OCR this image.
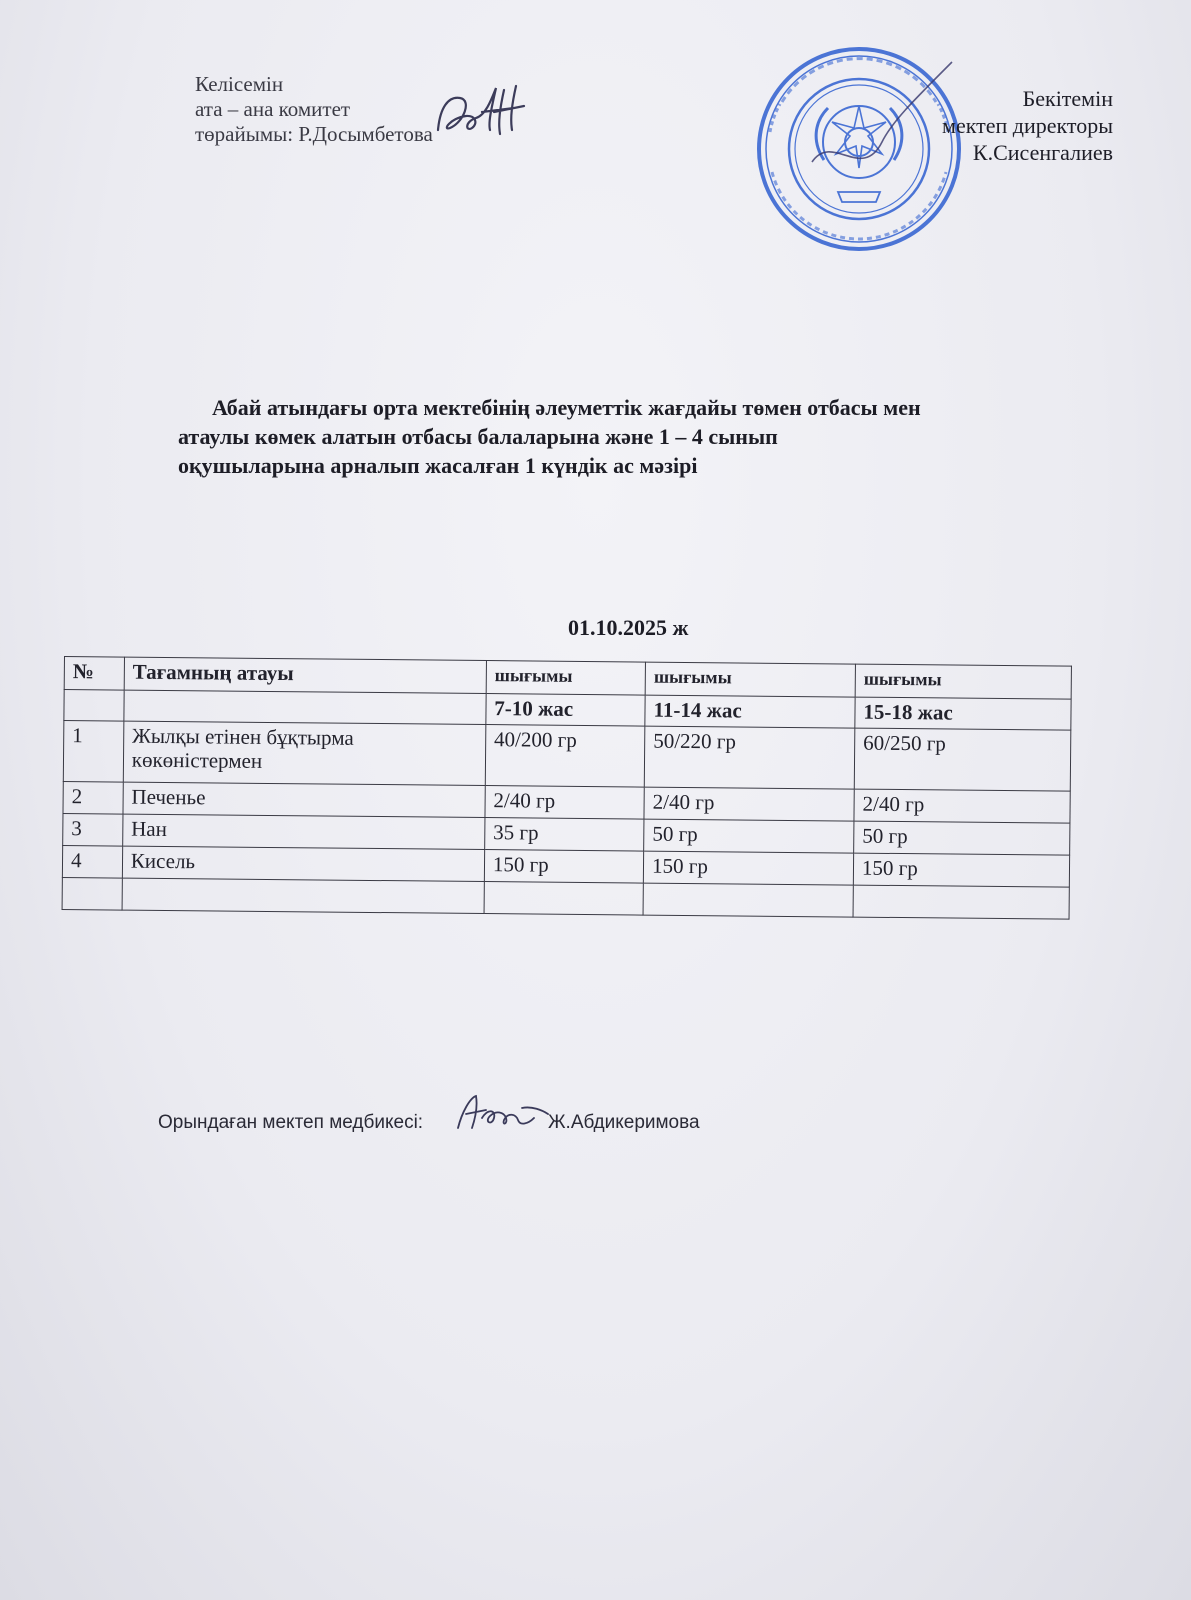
Келісемін
ата – ана комитет
төрайымы: Р.Досымбетова
Бекітемін
мектеп директоры
К.Сисенгалиев
Абай атындағы орта мектебінің әлеуметтік жағдайы төмен отбасы мен
атаулы көмек алатын отбасы балаларына және 1 – 4 сынып
оқушыларына арналып жасалған 1 күндік ас мәзірі
01.10.2025 ж
№	Тағамның атауы	шығымы	шығымы	шығымы
		7-10 жас	11-14 жас	15-18 жас
1	Жылқы етінен бұқтырма көкөністермен	40/200 гр	50/220 гр	60/250 гр
2	Печенье	2/40 гр	2/40 гр	2/40 гр
3	Нан	35 гр	50 гр	50 гр
4	Кисель	150 гр	150 гр	150 гр

Орындаған мектеп медбикесі:	Ж.Абдикеримова
